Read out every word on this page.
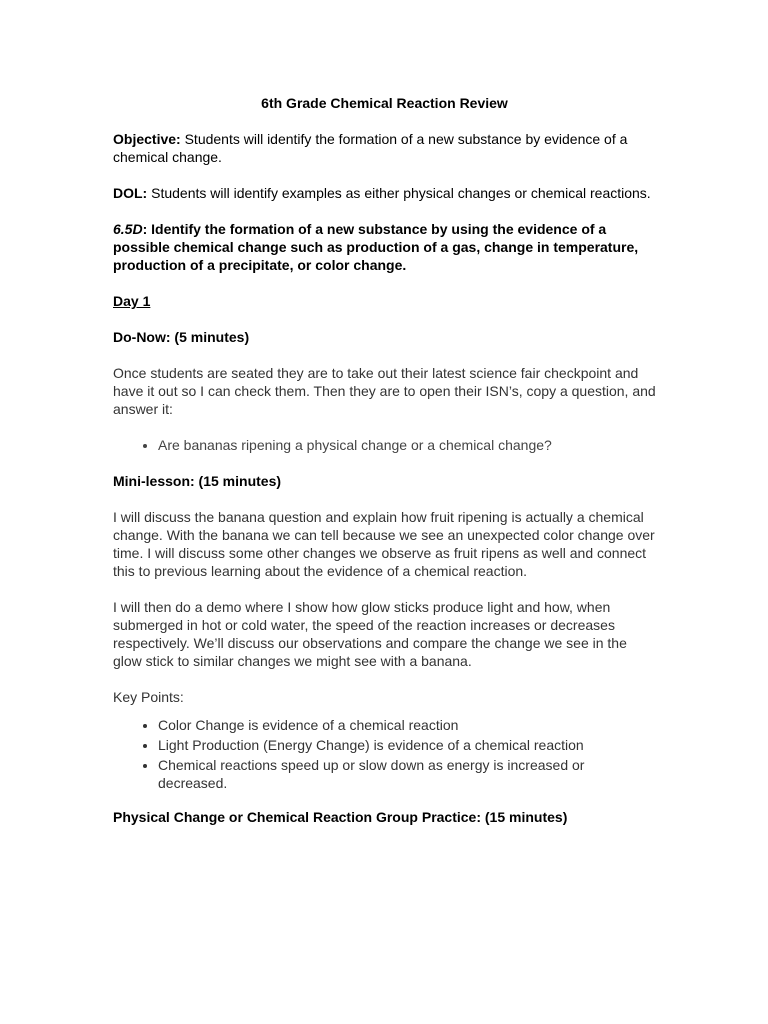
6th Grade Chemical Reaction Review

Objective: Students will identify the formation of a new substance by evidence of a chemical change.

DOL: Students will identify examples as either physical changes or chemical reactions.

6.5D: Identify the formation of a new substance by using the evidence of a possible chemical change such as production of a gas, change in temperature, production of a precipitate, or color change.

Day 1
Do-Now: (5 minutes)

Once students are seated they are to take out their latest science fair checkpoint and have it out so I can check them. Then they are to open their ISN’s, copy a question, and answer it:

• Are bananas ripening a physical change or a chemical change?
Mini-lesson: (15 minutes)

I will discuss the banana question and explain how fruit ripening is actually a chemical change. With the banana we can tell because we see an unexpected color change over time. I will discuss some other changes we observe as fruit ripens as well and connect this to previous learning about the evidence of a chemical reaction.

I will then do a demo where I show how glow sticks produce light and how, when submerged in hot or cold water, the speed of the reaction increases or decreases respectively. We’ll discuss our observations and compare the change we see in the glow stick to similar changes we might see with a banana.

Key Points:
• Color Change is evidence of a chemical reaction
• Light Production (Energy Change) is evidence of a chemical reaction
• Chemical reactions speed up or slow down as energy is increased or decreased.
Physical Change or Chemical Reaction Group Practice: (15 minutes)
